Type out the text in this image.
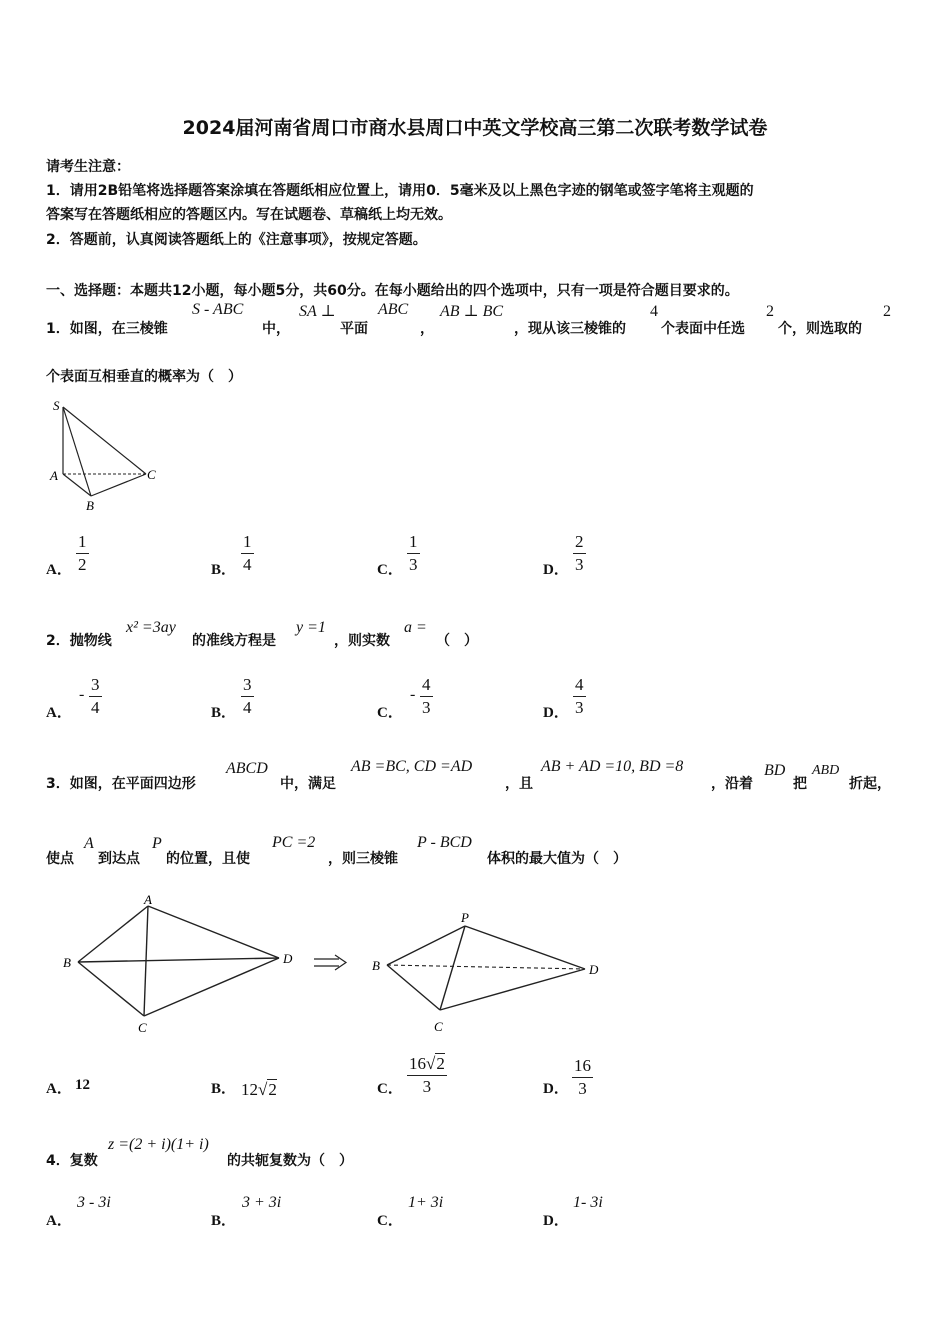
2024届河南省周口市商水县周口中英文学校高三第二次联考数学试卷
请考生注意：
1．请用2B铅笔将选择题答案涂填在答题纸相应位置上，请用0．5毫米及以上黑色字迹的钢笔或签字笔将主观题的
答案写在答题纸相应的答题区内。写在试题卷、草稿纸上均无效。
2．答题前，认真阅读答题纸上的《注意事项》，按规定答题。
一、选择题：本题共12小题，每小题5分，共60分。在每小题给出的四个选项中，只有一项是符合题目要求的。
1．如图，在三棱锥
S - ABC
中，
SA ⊥
平面
ABC
，
AB ⊥ BC
，现从该三棱锥的
4
个表面中任选
2
个，则选取的
2
个表面互相垂直的概率为（　）
S
A
B
C
A．
1
2	B．
1
4	C．
1
3	D．
2
3
2．抛物线
x² =3ay
的准线方程是
y =1
，则实数
a =
（　）
A．
-
3
4	B．
3
4	C．
-
4
3	D．
4
3
3．如图，在平面四边形
ABCD
中，满足
AB =BC, CD =AD
，且
AB + AD =10, BD =8
，沿着
BD
把
ABD
折起，
使点
A
到达点
P
的位置，且使
PC =2
，则三棱锥
P - BCD
体积的最大值为（　）
A
B
C
D
P
B
C
D
A． 12	B． 12√2	C．
16√2
3	D．
16
3
4．复数
z =(2 + i)(1+ i)
的共轭复数为（　）
A．
3 - 3i
B．
3 + 3i
C．
1+ 3i
D．
1- 3i
